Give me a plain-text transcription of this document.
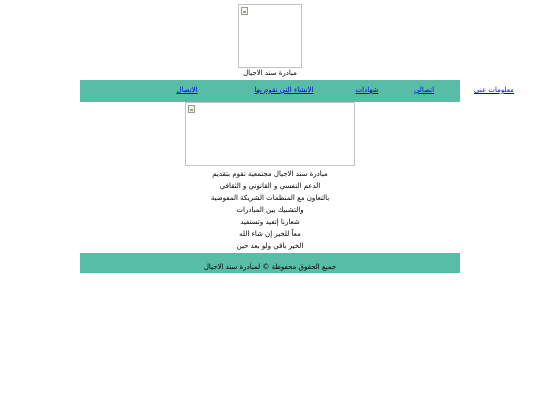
مبادرة سند الاجيال
معلومات عنى
اتصالي
شهادات
الانشاء التي نقوم بها
الاتصال
مبادرة سند الاجيال مجتمعية تقوم بتقديم
الدعم النفسي و القانوني و الثقافي
بالتعاون مع المنظمات الشريكة المفوضية
والتشبيك بين المبادرات
شعارنا إتفيد وتستفيد
معاً للخير إن شاء الله
الخير باقي ولو بعد حين
جميع الحقوق محفوظة © لمبادرة سند الاجيال
